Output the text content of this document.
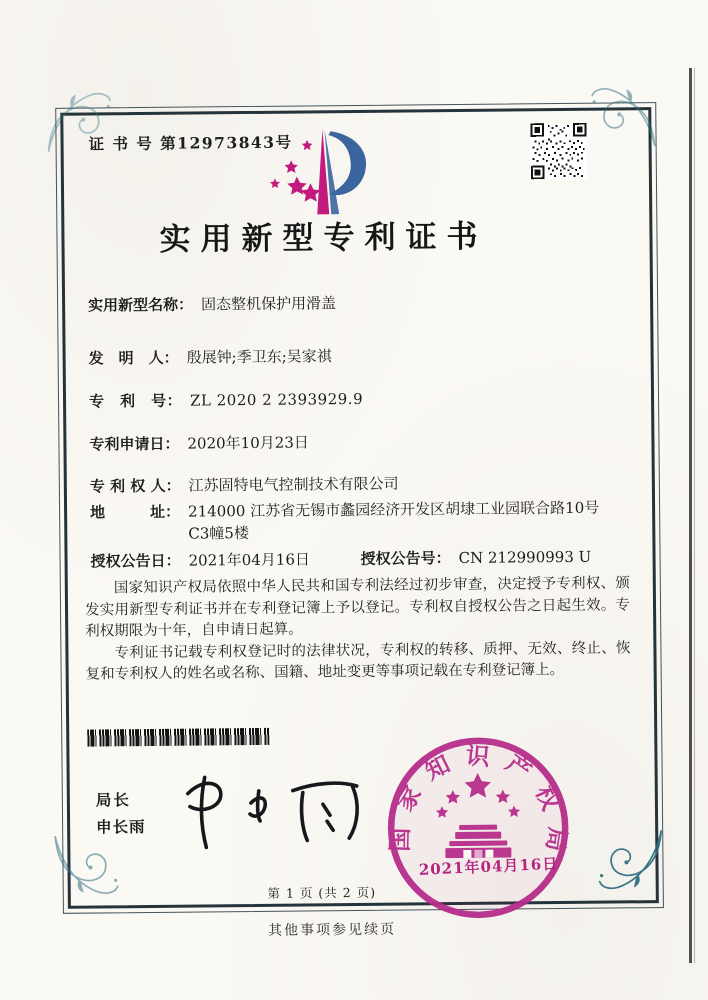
证 书 号 第12973843号
实用新型专利证书
实用新型名称： 固态整机保护用滑盖
发　明　人： 殷展钟;季卫东;吴家祺
专　利　号： ZL 2020 2 2393929.9
专利申请日： 2020年10月23日
专 利 权 人： 江苏固特电气控制技术有限公司
地　　　址： 214000 江苏省无锡市蠡园经济开发区胡埭工业园联合路10号C3幢5楼
授权公告日： 2021年04月16日	授权公告号： CN 212990993 U

国家知识产权局依照中华人民共和国专利法经过初步审查，决定授予专利权、颁发实用新型专利证书并在专利登记簿上予以登记。专利权自授权公告之日起生效。专利权期限为十年，自申请日起算。

专利证书记载专利权登记时的法律状况，专利权的转移、质押、无效、终止、恢复和专利权人的姓名或名称、国籍、地址变更等事项记载在专利登记簿上。

局长
申长雨	国家知识产权局
2021年04月16日
第 1 页 (共 2 页)
其他事项参见续页
